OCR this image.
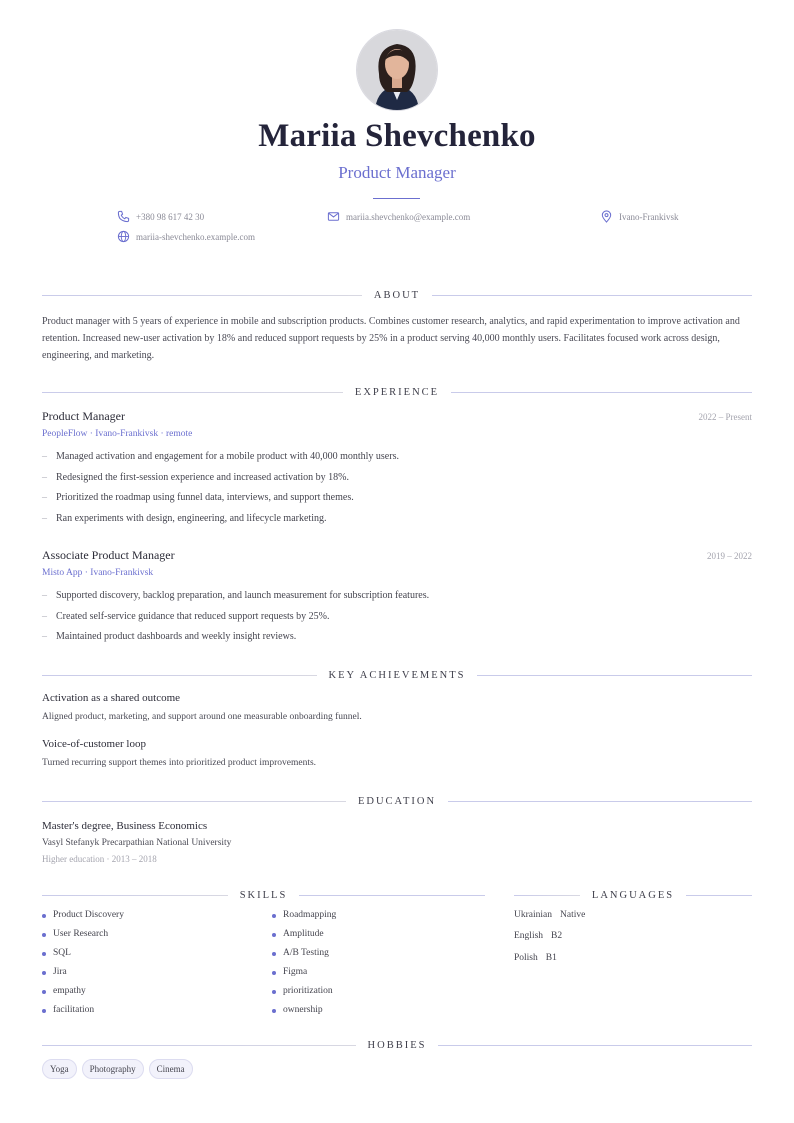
Mariia Shevchenko
Product Manager
+380 98 617 42 30	mariia.shevchenko@example.com	Ivano-Frankivsk
mariia-shevchenko.example.com
ABOUT
Product manager with 5 years of experience in mobile and subscription products. Combines customer research, analytics, and rapid experimentation to improve activation and retention. Increased new-user activation by 18% and reduced support requests by 25% in a product serving 40,000 monthly users. Facilitates focused work across design, engineering, and marketing.
EXPERIENCE
Product Manager	2022 – Present
PeopleFlow · Ivano-Frankivsk · remote
– Managed activation and engagement for a mobile product with 40,000 monthly users.
– Redesigned the first-session experience and increased activation by 18%.
– Prioritized the roadmap using funnel data, interviews, and support themes.
– Ran experiments with design, engineering, and lifecycle marketing.
Associate Product Manager	2019 – 2022
Misto App · Ivano-Frankivsk
– Supported discovery, backlog preparation, and launch measurement for subscription features.
– Created self-service guidance that reduced support requests by 25%.
– Maintained product dashboards and weekly insight reviews.
KEY ACHIEVEMENTS
Activation as a shared outcome
Aligned product, marketing, and support around one measurable onboarding funnel.
Voice-of-customer loop
Turned recurring support themes into prioritized product improvements.
EDUCATION
Master's degree, Business Economics
Vasyl Stefanyk Precarpathian National University
Higher education · 2013 – 2018
SKILLS
Product Discovery
User Research
SQL
Jira
empathy
facilitation
Roadmapping
Amplitude
A/B Testing
Figma
prioritization
ownership
LANGUAGES
Ukrainian Native
English B2
Polish B1
HOBBIES
Yoga	Photography	Cinema
